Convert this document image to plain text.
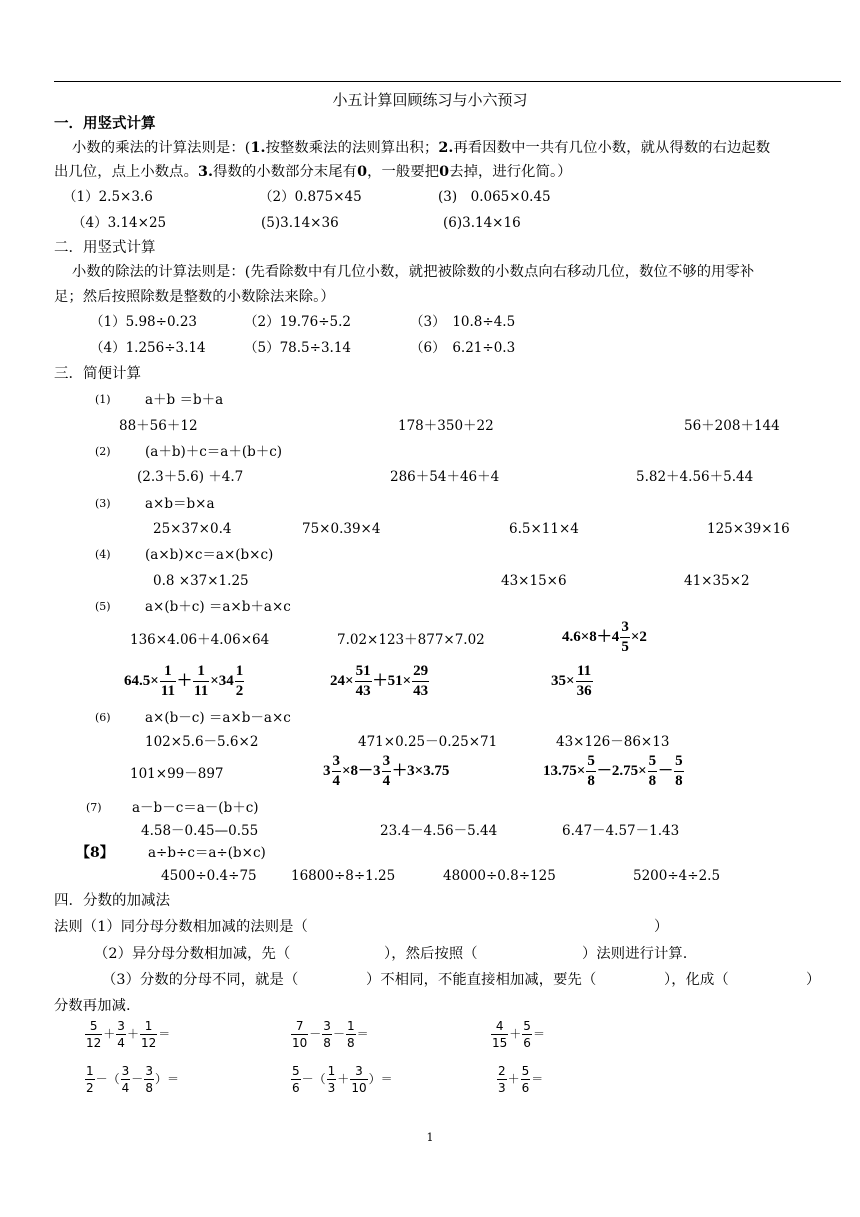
小五计算回顾练习与小六预习
一．用竖式计算
小数的乘法的计算法则是：(1.按整数乘法的法则算出积；2.再看因数中一共有几位小数，就从得数的右边起数
出几位，点上小数点。3.得数的小数部分末尾有0，一般要把0去掉，进行化简。）
（1）2.5×3.6	（2）0.875×45	(3)　0.065×0.45
（4）3.14×25	(5)3.14×36	(6)3.14×16
二．用竖式计算
小数的除法的计算法则是：(先看除数中有几位小数，就把被除数的小数点向右移动几位，数位不够的用零补
足；然后按照除数是整数的小数除法来除。）
（1）5.98÷0.23	（2）19.76÷5.2	（3）　10.8÷4.5
（4）1.256÷3.14	（5）78.5÷3.14	（6）　6.21÷0.3
三．简便计算
(1)	a＋b ＝b＋a
88＋56＋12	178＋350＋22	56＋208＋144
(2)	(a＋b)＋c＝a＋(b＋c)
(2.3＋5.6) ＋4.7	286＋54＋46＋4	5.82＋4.56＋5.44
(3)	a×b＝b×a
25×37×0.4	75×0.39×4	6.5×11×4	125×39×16
(4)	(a×b)×c＝a×(b×c)
0.8 ×37×1.25	43×15×6	41×35×2
(5)	a×(b＋c) ＝a×b＋a×c
136×4.06＋4.06×64	7.02×123＋877×7.02	$4.6\times 8+4 \frac{3}{5} \times 2$
$64.5\times \frac{1}{11} + \frac{1}{11} \times 34 \frac{1}{2}$	$24\times \frac{51}{43} +51\times \frac{29}{43}$	$35\times \frac{11}{36}$
(6)	a×(b－c) ＝a×b－a×c
102×5.6－5.6×2	471×0.25－0.25×71	43×126－86×13
101×99－897	$3 \frac{3}{4} \times 8-3 \frac{3}{4} +3\times 3.75$	$13.75\times \frac{5}{8} -2.75\times \frac{5}{8} - \frac{5}{8}$
(7) a－b－c＝a－(b＋c)
4.58－0.45—0.55	23.4－4.56－5.44	6.47－4.57－1.43
【8】	a÷b÷c＝a÷(b×c)
4500÷0.4÷75	16800÷8÷1.25	48000÷0.8÷125	5200÷4÷2.5
四．分数的加减法
法则（1）同分母分数相加减的法则是（	）
（2）异分母分数相加减，先（	），然后按照（	）法则进行计算.
（3）分数的分母不同，就是（	）不相同，不能直接相加减，要先（	），化成（	）
分数再加减.
$\frac{5}{12} + \frac{3}{4} + \frac{1}{12}$ ＝	$\frac{7}{10} - \frac{3}{8} - \frac{1}{8}$ ＝	$\frac{4}{15} + \frac{5}{6}$ ＝
$\frac{1}{2}$ －（ $\frac{3}{4} - \frac{3}{8}$ ）＝	$\frac{5}{6}$ －（ $\frac{1}{3} + \frac{3}{10}$ ）＝	$\frac{2}{3} + \frac{5}{6}$ ＝
1
